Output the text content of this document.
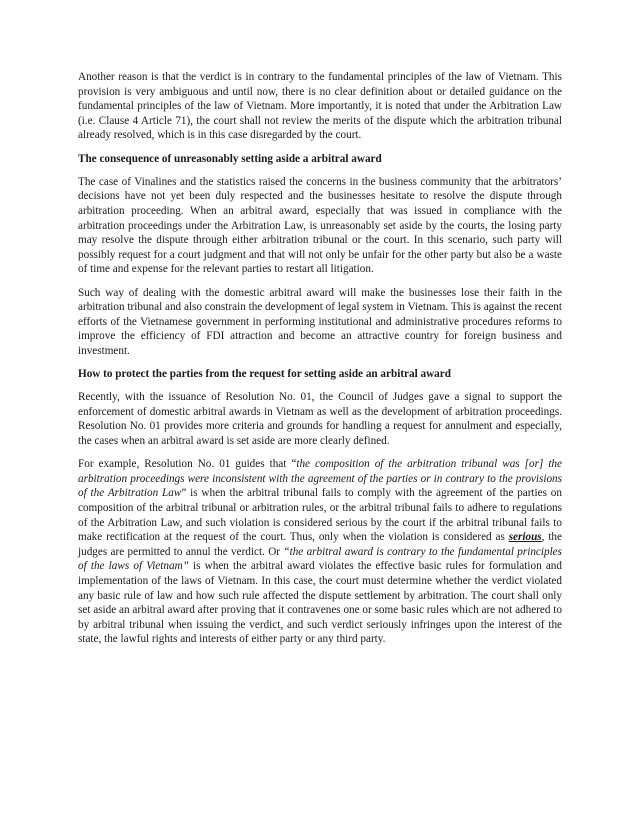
Another reason is that the verdict is in contrary to the fundamental principles of the law of Vietnam. This provision is very ambiguous and until now, there is no clear definition about or detailed guidance on the fundamental principles of the law of Vietnam. More importantly, it is noted that under the Arbitration Law (i.e. Clause 4 Article 71), the court shall not review the merits of the dispute which the arbitration tribunal already resolved, which is in this case disregarded by the court.

The consequence of unreasonably setting aside a arbitral award

The case of Vinalines and the statistics raised the concerns in the business community that the arbitrators’ decisions have not yet been duly respected and the businesses hesitate to resolve the dispute through arbitration proceeding. When an arbitral award, especially that was issued in compliance with the arbitration proceedings under the Arbitration Law, is unreasonably set aside by the courts, the losing party may resolve the dispute through either arbitration tribunal or the court. In this scenario, such party will possibly request for a court judgment and that will not only be unfair for the other party but also be a waste of time and expense for the relevant parties to restart all litigation.

Such way of dealing with the domestic arbitral award will make the businesses lose their faith in the arbitration tribunal and also constrain the development of legal system in Vietnam. This is against the recent efforts of the Vietnamese government in performing institutional and administrative procedures reforms to improve the efficiency of FDI attraction and become an attractive country for foreign business and investment.

How to protect the parties from the request for setting aside an arbitral award

Recently, with the issuance of Resolution No. 01, the Council of Judges gave a signal to support the enforcement of domestic arbitral awards in Vietnam as well as the development of arbitration proceedings. Resolution No. 01 provides more criteria and grounds for handling a request for annulment and especially, the cases when an arbitral award is set aside are more clearly defined.

For example, Resolution No. 01 guides that “the composition of the arbitration tribunal was [or] the arbitration proceedings were inconsistent with the agreement of the parties or in contrary to the provisions of the Arbitration Law” is when the arbitral tribunal fails to comply with the agreement of the parties on composition of the arbitral tribunal or arbitration rules, or the arbitral tribunal fails to adhere to regulations of the Arbitration Law, and such violation is considered serious by the court if the arbitral tribunal fails to make rectification at the request of the court. Thus, only when the violation is considered as serious, the judges are permitted to annul the verdict. Or “the arbitral award is contrary to the fundamental principles of the laws of Vietnam” is when the arbitral award violates the effective basic rules for formulation and implementation of the laws of Vietnam. In this case, the court must determine whether the verdict violated any basic rule of law and how such rule affected the dispute settlement by arbitration. The court shall only set aside an arbitral award after proving that it contravenes one or some basic rules which are not adhered to by arbitral tribunal when issuing the verdict, and such verdict seriously infringes upon the interest of the state, the lawful rights and interests of either party or any third party.
